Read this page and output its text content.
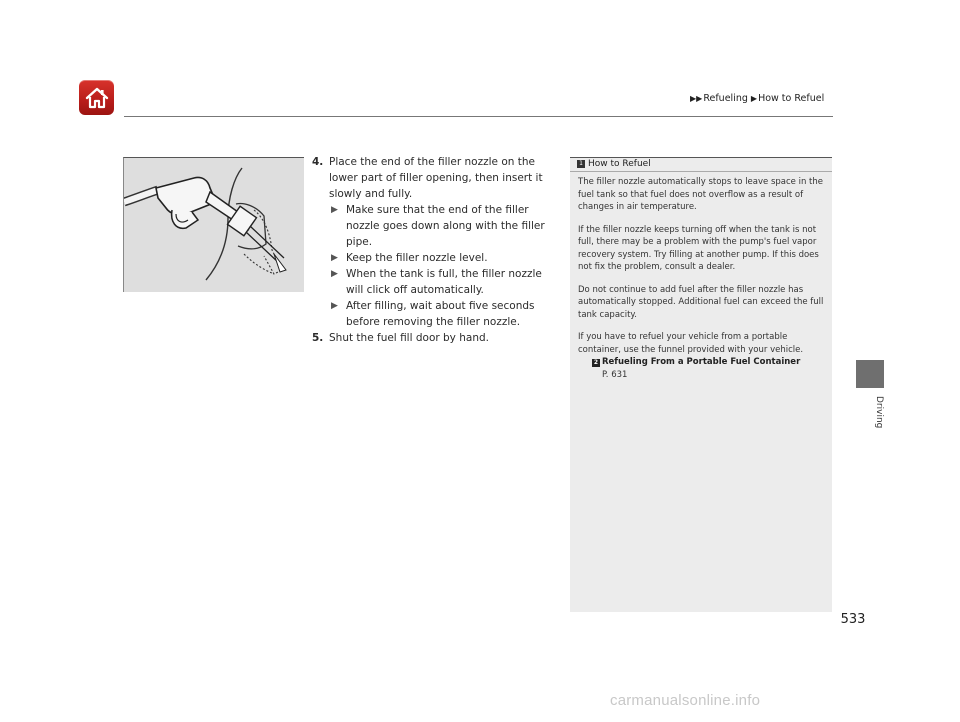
▶▶Refueling ▶How to Refuel
4. Place the end of the filler nozzle on the lower part of filler opening, then insert it slowly and fully.
▶ Make sure that the end of the filler nozzle goes down along with the filler pipe.
▶ Keep the filler nozzle level.
▶ When the tank is full, the filler nozzle will click off automatically.
▶ After filling, wait about five seconds before removing the filler nozzle.
5. Shut the fuel fill door by hand.
1 How to Refuel

The filler nozzle automatically stops to leave space in the fuel tank so that fuel does not overflow as a result of changes in air temperature.

If the filler nozzle keeps turning off when the tank is not full, there may be a problem with the pump's fuel vapor recovery system. Try filling at another pump. If this does not fix the problem, consult a dealer.

Do not continue to add fuel after the filler nozzle has automatically stopped. Additional fuel can exceed the full tank capacity.

If you have to refuel your vehicle from a portable container, use the funnel provided with your vehicle.

2 Refueling From a Portable Fuel Container
P. 631
Driving
533
carmanualsonline.info
